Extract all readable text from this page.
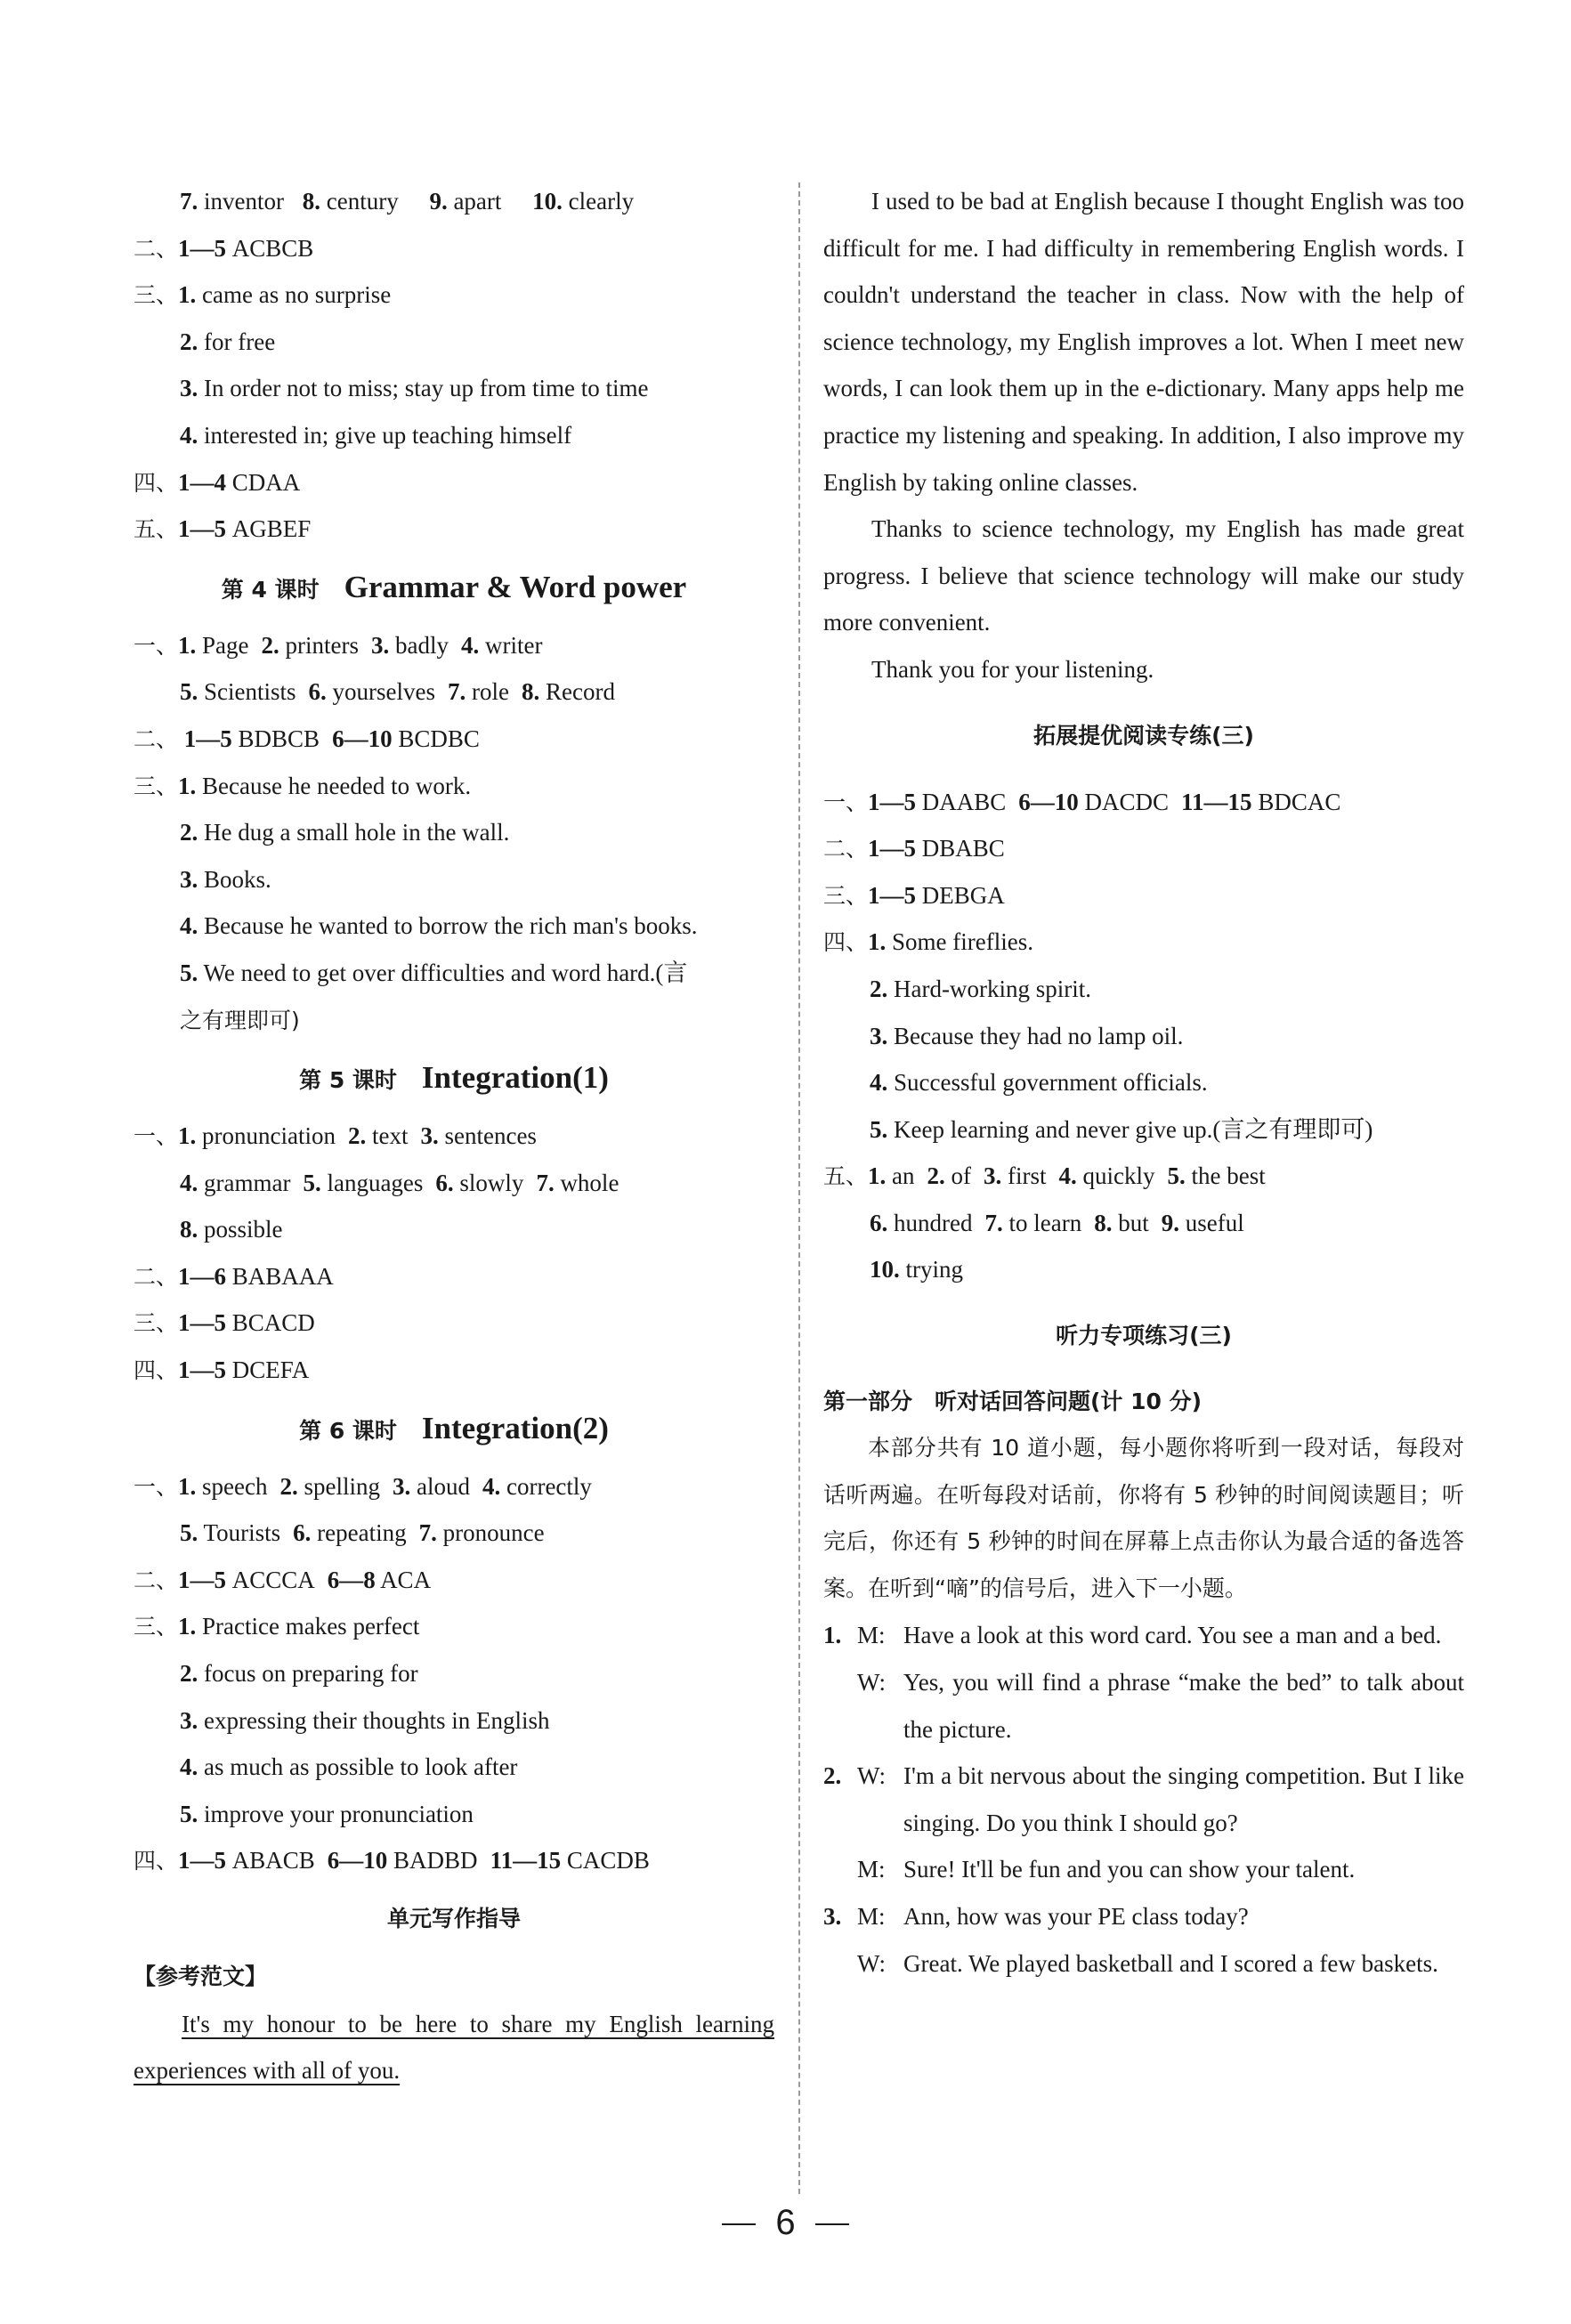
7. inventor 8. century 9. apart 10. clearly
二、1—5 ACBCB
三、1. came as no surprise
2. for free
3. In order not to miss; stay up from time to time
4. interested in; give up teaching himself
四、1—4 CDAA
五、1—5 AGBEF
第 4 课时 Grammar & Word power
一、1. Page 2. printers 3. badly 4. writer
5. Scientists 6. yourselves 7. role 8. Record
二、 1—5 BDBCB 6—10 BCDBC
三、1. Because he needed to work.
2. He dug a small hole in the wall.
3. Books.
4. Because he wanted to borrow the rich man's books.
5. We need to get over difficulties and word hard.(言
之有理即可)
第 5 课时 Integration(1)
一、1. pronunciation 2. text 3. sentences
4. grammar 5. languages 6. slowly 7. whole
8. possible
二、1—6 BABAAA
三、1—5 BCACD
四、1—5 DCEFA
第 6 课时 Integration(2)
一、1. speech 2. spelling 3. aloud 4. correctly
5. Tourists 6. repeating 7. pronounce
二、1—5 ACCCA 6—8 ACA
三、1. Practice makes perfect
2. focus on preparing for
3. expressing their thoughts in English
4. as much as possible to look after
5. improve your pronunciation
四、1—5 ABACB 6—10 BADBD 11—15 CACDB
单元写作指导
【参考范文】

It's my honour to be here to share my English learning experiences with all of you.

I used to be bad at English because I thought English was too difficult for me. I had difficulty in remembering English words. I couldn't understand the teacher in class. Now with the help of science technology, my English improves a lot. When I meet new words, I can look them up in the e-dictionary. Many apps help me practice my listening and speaking. In addition, I also improve my English by taking online classes.

Thanks to science technology, my English has made great progress. I believe that science technology will make our study more convenient.

Thank you for your listening.

拓展提优阅读专练(三)
一、1—5 DAABC 6—10 DACDC 11—15 BDCAC
二、1—5 DBABC
三、1—5 DEBGA
四、1. Some fireflies.
2. Hard-working spirit.
3. Because they had no lamp oil.
4. Successful government officials.
5. Keep learning and never give up.(言之有理即可)
五、1. an 2. of 3. first 4. quickly 5. the best
6. hundred 7. to learn 8. but 9. useful
10. trying
听力专项练习(三)
第一部分　听对话回答问题(计 10 分)

本部分共有 10 道小题，每小题你将听到一段对话，每段对话听两遍。在听每段对话前，你将有 5 秒钟的时间阅读题目；听完后，你还有 5 秒钟的时间在屏幕上点击你认为最合适的备选答案。在听到“嘀”的信号后，进入下一小题。

1. M: Have a look at this word card. You see a man and a bed.
W: Yes, you will find a phrase “make the bed” to talk about the picture.
2. W: I'm a bit nervous about the singing competition. But I like singing. Do you think I should go?
M: Sure! It'll be fun and you can show your talent.
3. M: Ann, how was your PE class today?
W: Great. We played basketball and I scored a few baskets.
6
